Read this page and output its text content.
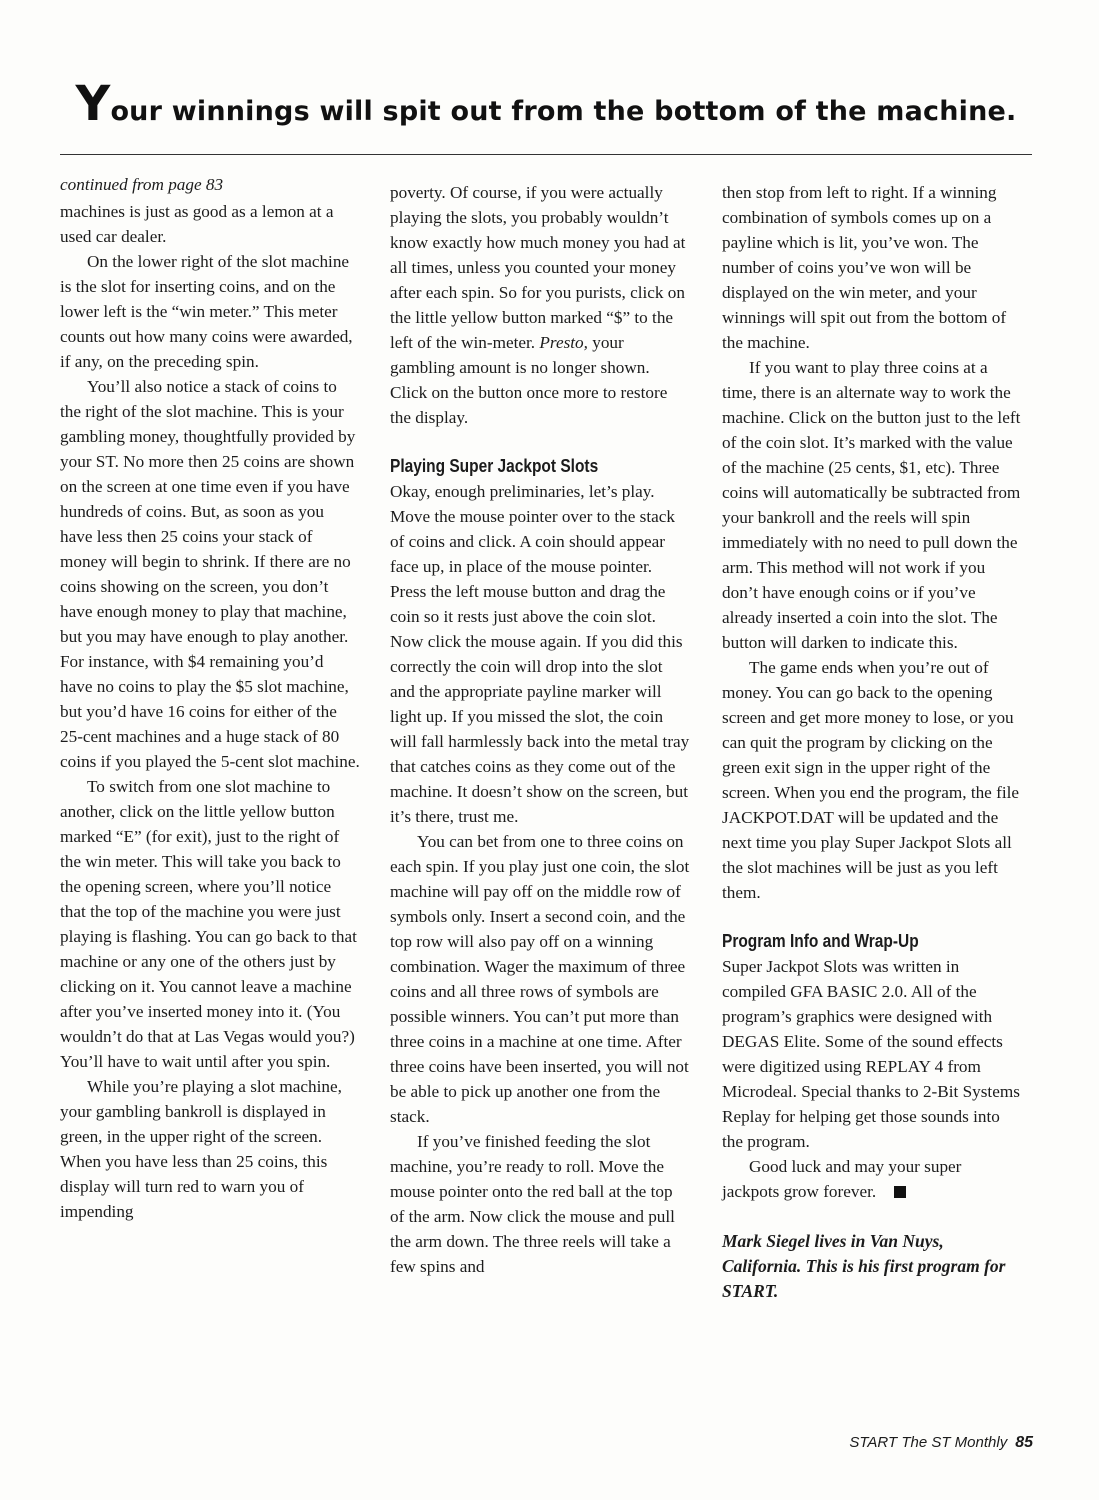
Your winnings will spit out from the bottom of the machine.
continued from page 83

machines is just as good as a lemon at a used car dealer.

On the lower right of the slot machine is the slot for inserting coins, and on the lower left is the “win meter.” This meter counts out how many coins were awarded, if any, on the preceding spin.

You’ll also notice a stack of coins to the right of the slot machine. This is your gambling money, thoughtfully provided by your ST. No more then 25 coins are shown on the screen at one time even if you have hundreds of coins. But, as soon as you have less then 25 coins your stack of money will begin to shrink. If there are no coins showing on the screen, you don’t have enough money to play that machine, but you may have enough to play another. For instance, with $4 remaining you’d have no coins to play the $5 slot machine, but you’d have 16 coins for either of the 25-cent machines and a huge stack of 80 coins if you played the 5-cent slot machine.

To switch from one slot machine to another, click on the little yellow button marked “E” (for exit), just to the right of the win meter. This will take you back to the opening screen, where you’ll notice that the top of the machine you were just playing is flashing. You can go back to that machine or any one of the others just by clicking on it. You cannot leave a machine after you’ve inserted money into it. (You wouldn’t do that at Las Vegas would you?) You’ll have to wait until after you spin.

While you’re playing a slot machine, your gambling bankroll is displayed in green, in the upper right of the screen. When you have less than 25 coins, this display will turn red to warn you of impending

poverty. Of course, if you were actually playing the slots, you probably wouldn’t know exactly how much money you had at all times, unless you counted your money after each spin. So for you purists, click on the little yellow button marked “$” to the left of the win-meter. Presto, your gambling amount is no longer shown. Click on the button once more to restore the display.

Playing Super Jackpot Slots

Okay, enough preliminaries, let’s play. Move the mouse pointer over to the stack of coins and click. A coin should appear face up, in place of the mouse pointer. Press the left mouse button and drag the coin so it rests just above the coin slot. Now click the mouse again. If you did this correctly the coin will drop into the slot and the appropriate payline marker will light up. If you missed the slot, the coin will fall harmlessly back into the metal tray that catches coins as they come out of the machine. It doesn’t show on the screen, but it’s there, trust me.

You can bet from one to three coins on each spin. If you play just one coin, the slot machine will pay off on the middle row of symbols only. Insert a second coin, and the top row will also pay off on a winning combination. Wager the maximum of three coins and all three rows of symbols are possible winners. You can’t put more than three coins in a machine at one time. After three coins have been inserted, you will not be able to pick up another one from the stack.

If you’ve finished feeding the slot machine, you’re ready to roll. Move the mouse pointer onto the red ball at the top of the arm. Now click the mouse and pull the arm down. The three reels will take a few spins and

then stop from left to right. If a winning combination of symbols comes up on a payline which is lit, you’ve won. The number of coins you’ve won will be displayed on the win meter, and your winnings will spit out from the bottom of the machine.

If you want to play three coins at a time, there is an alternate way to work the machine. Click on the button just to the left of the coin slot. It’s marked with the value of the machine (25 cents, $1, etc). Three coins will automatically be subtracted from your bankroll and the reels will spin immediately with no need to pull down the arm. This method will not work if you don’t have enough coins or if you’ve already inserted a coin into the slot. The button will darken to indicate this.

The game ends when you’re out of money. You can go back to the opening screen and get more money to lose, or you can quit the program by clicking on the green exit sign in the upper right of the screen. When you end the program, the file JACKPOT.DAT will be updated and the next time you play Super Jackpot Slots all the slot machines will be just as you left them.

Program Info and Wrap-Up

Super Jackpot Slots was written in compiled GFA BASIC 2.0. All of the program’s graphics were designed with DEGAS Elite. Some of the sound effects were digitized using REPLAY 4 from Microdeal. Special thanks to 2-Bit Systems Replay for helping get those sounds into the program.

Good luck and may your super jackpots grow forever.

Mark Siegel lives in Van Nuys, California. This is his first program for START.
START The ST Monthly 85
